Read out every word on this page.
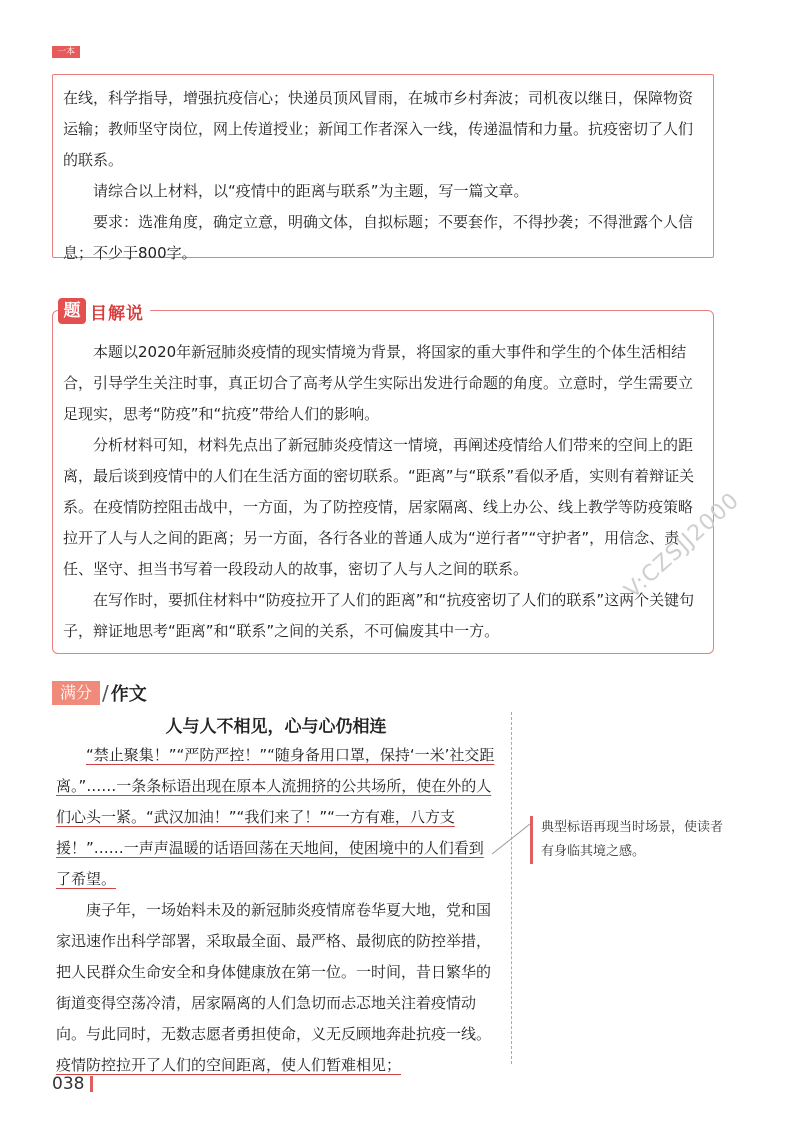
一本

在线，科学指导，增强抗疫信心；快递员顶风冒雨，在城市乡村奔波；司机夜以继日，保障物资运输；教师坚守岗位，网上传道授业；新闻工作者深入一线，传递温情和力量。抗疫密切了人们的联系。

请综合以上材料，以“疫情中的距离与联系”为主题，写一篇文章。

要求：选准角度，确定立意，明确文体，自拟标题；不要套作，不得抄袭；不得泄露个人信息；不少于800字。

本题以2020年新冠肺炎疫情的现实情境为背景，将国家的重大事件和学生的个体生活相结合，引导学生关注时事，真正切合了高考从学生实际出发进行命题的角度。立意时，学生需要立足现实，思考“防疫”和“抗疫”带给人们的影响。

分析材料可知，材料先点出了新冠肺炎疫情这一情境，再阐述疫情给人们带来的空间上的距离，最后谈到疫情中的人们在生活方面的密切联系。“距离”与“联系”看似矛盾，实则有着辩证关系。在疫情防控阻击战中，一方面，为了防控疫情，居家隔离、线上办公、线上教学等防疫策略拉开了人与人之间的距离；另一方面，各行各业的普通人成为“逆行者”“守护者”，用信念、责任、坚守、担当书写着一段段动人的故事，密切了人与人之间的联系。

在写作时，要抓住材料中“防疫拉开了人们的距离”和“抗疫密切了人们的联系”这两个关键句子，辩证地思考“距离”和“联系”之间的关系，不可偏废其中一方。

题 目解说
满分 / 作文
人与人不相见，心与心仍相连

“禁止聚集！”“严防严控！”“随身备用口罩，保持‘一米’社交距离。”……一条条标语出现在原本人流拥挤的公共场所，使在外的人们心头一紧。“武汉加油！”“我们来了！”“一方有难，八方支援！”……一声声温暖的话语回荡在天地间，使困境中的人们看到了希望。

庚子年，一场始料未及的新冠肺炎疫情席卷华夏大地，党和国家迅速作出科学部署，采取最全面、最严格、最彻底的防控举措，把人民群众生命安全和身体健康放在第一位。一时间，昔日繁华的街道变得空荡冷清，居家隔离的人们急切而忐忑地关注着疫情动向。与此同时，无数志愿者勇担使命，义无反顾地奔赴抗疫一线。疫情防控拉开了人们的空间距离，使人们暂难相见；

典型标语再现当时场景，使读者有身临其境之感。
V:CZSJJ2000
038
